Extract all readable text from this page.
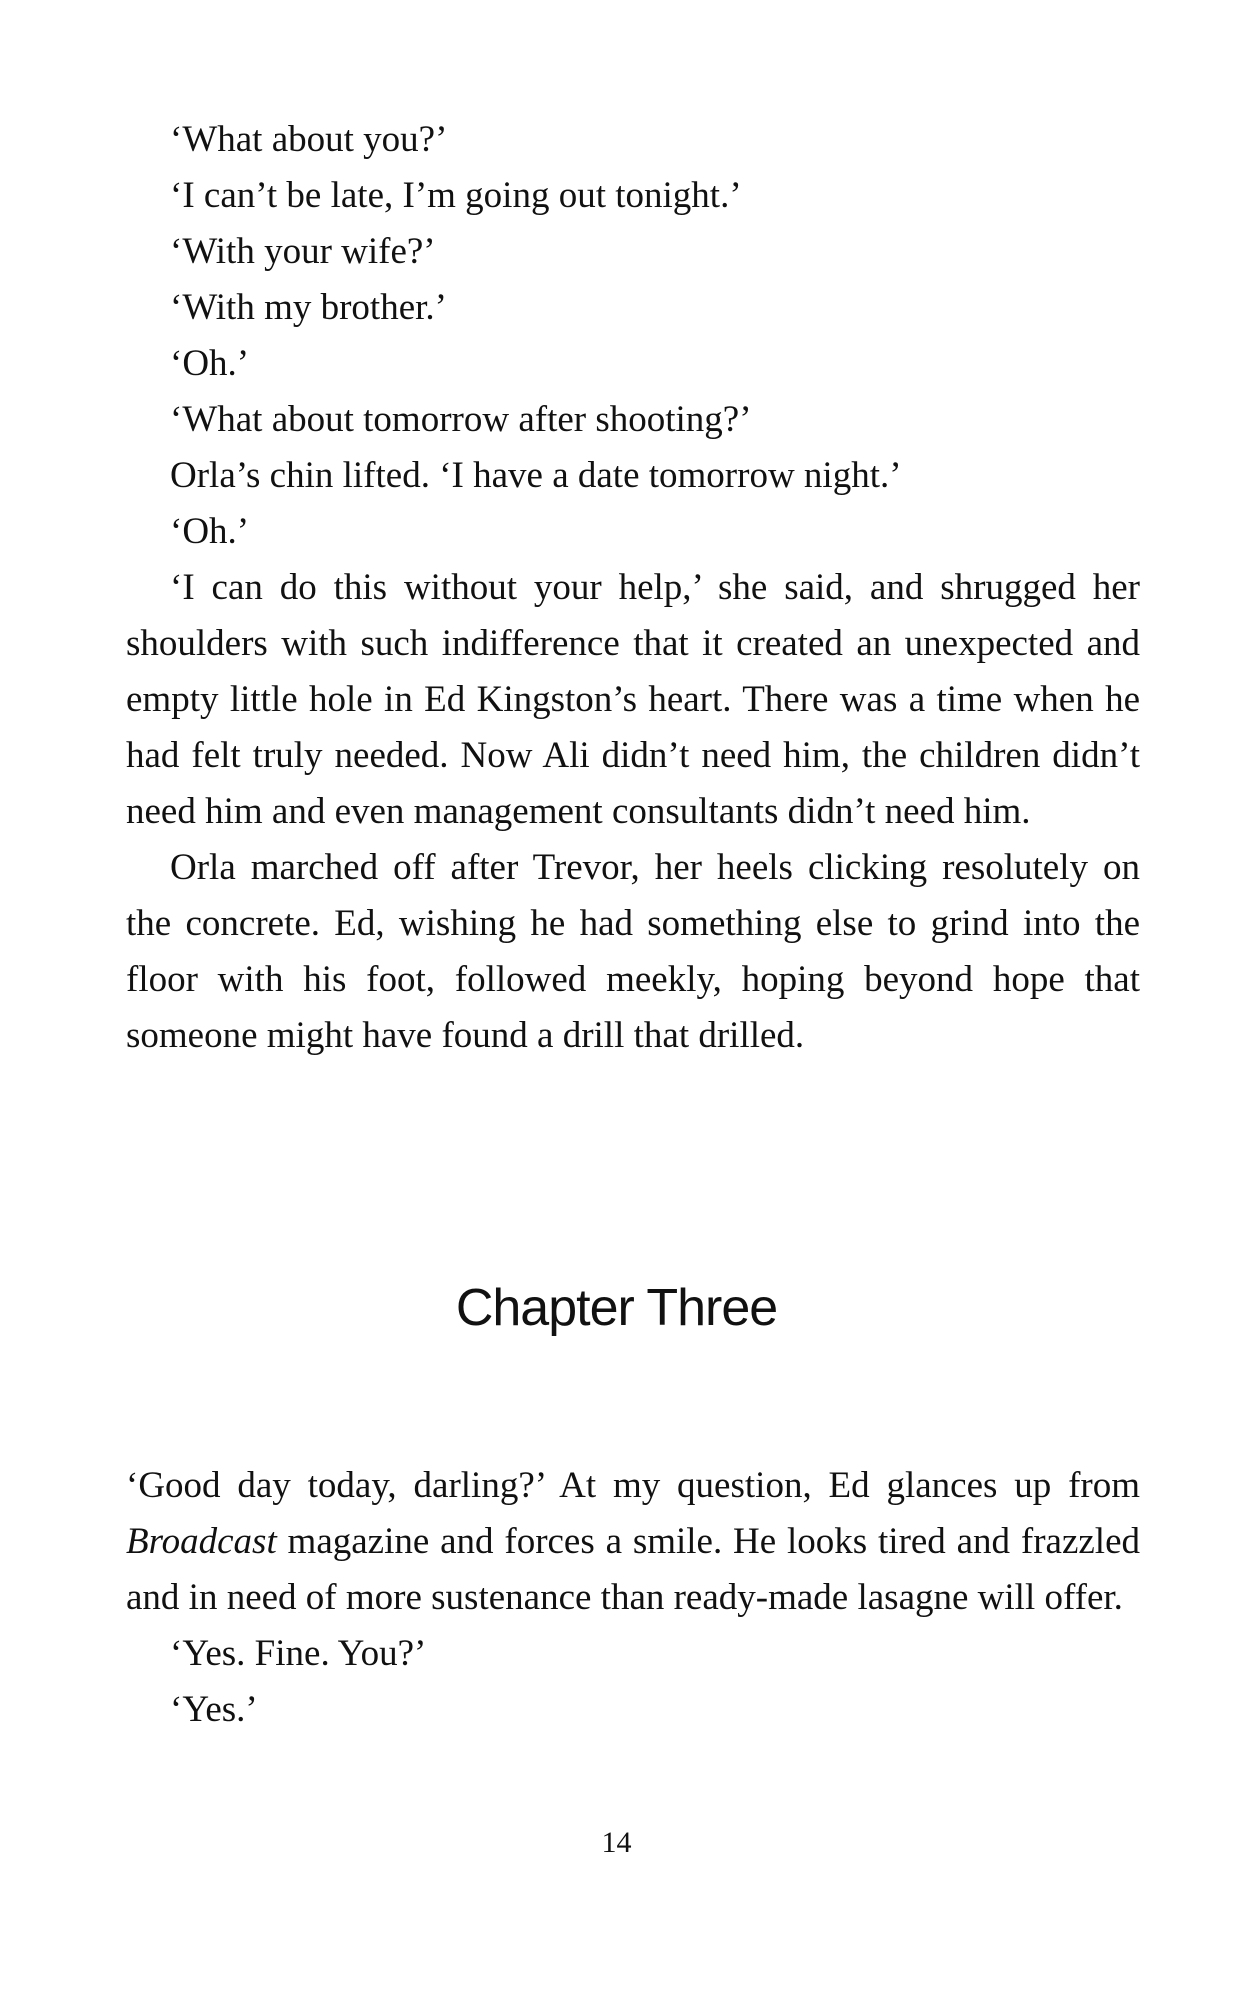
‘What about you?’

‘I can’t be late, I’m going out tonight.’

‘With your wife?’

‘With my brother.’

‘Oh.’

‘What about tomorrow after shooting?’

Orla’s chin lifted. ‘I have a date tomorrow night.’

‘Oh.’

‘I can do this without your help,’ she said, and shrugged her shoulders with such indifference that it created an unexpected and empty little hole in Ed Kingston’s heart. There was a time when he had felt truly needed. Now Ali didn’t need him, the children didn’t need him and even management consultants didn’t need him.

Orla marched off after Trevor, her heels clicking resolutely on the concrete. Ed, wishing he had something else to grind into the floor with his foot, followed meekly, hoping beyond hope that someone might have found a drill that drilled.

Chapter Three

‘Good day today, darling?’ At my question, Ed glances up from Broadcast magazine and forces a smile. He looks tired and frazzled and in need of more sustenance than ready-made lasagne will offer.

‘Yes. Fine. You?’

‘Yes.’

14
